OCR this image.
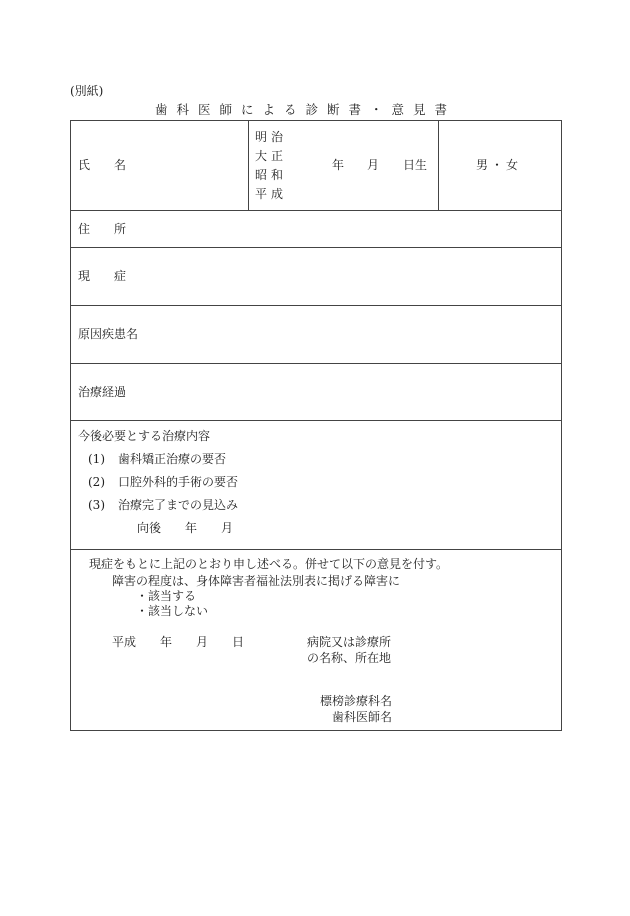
(別紙)
歯科医師による診断書・意見書
氏　名
明治
大正
昭和
平成
年 月 日生	男・女
住　所
現　症
原因疾患名
治療経過
今後必要とする治療内容
(1) 歯科矯正治療の要否
(2) 口腔外科的手術の要否
(3) 治療完了までの見込み
向後　　年　　月
現症をもとに上記のとおり申し述べる。併せて以下の意見を付す。
障害の程度は、身体障害者福祉法別表に掲げる障害に
・該当する
・該当しない
平成　　年　　月　　日	病院又は診療所
の名称、所在地
標榜診療科名
歯科医師名
